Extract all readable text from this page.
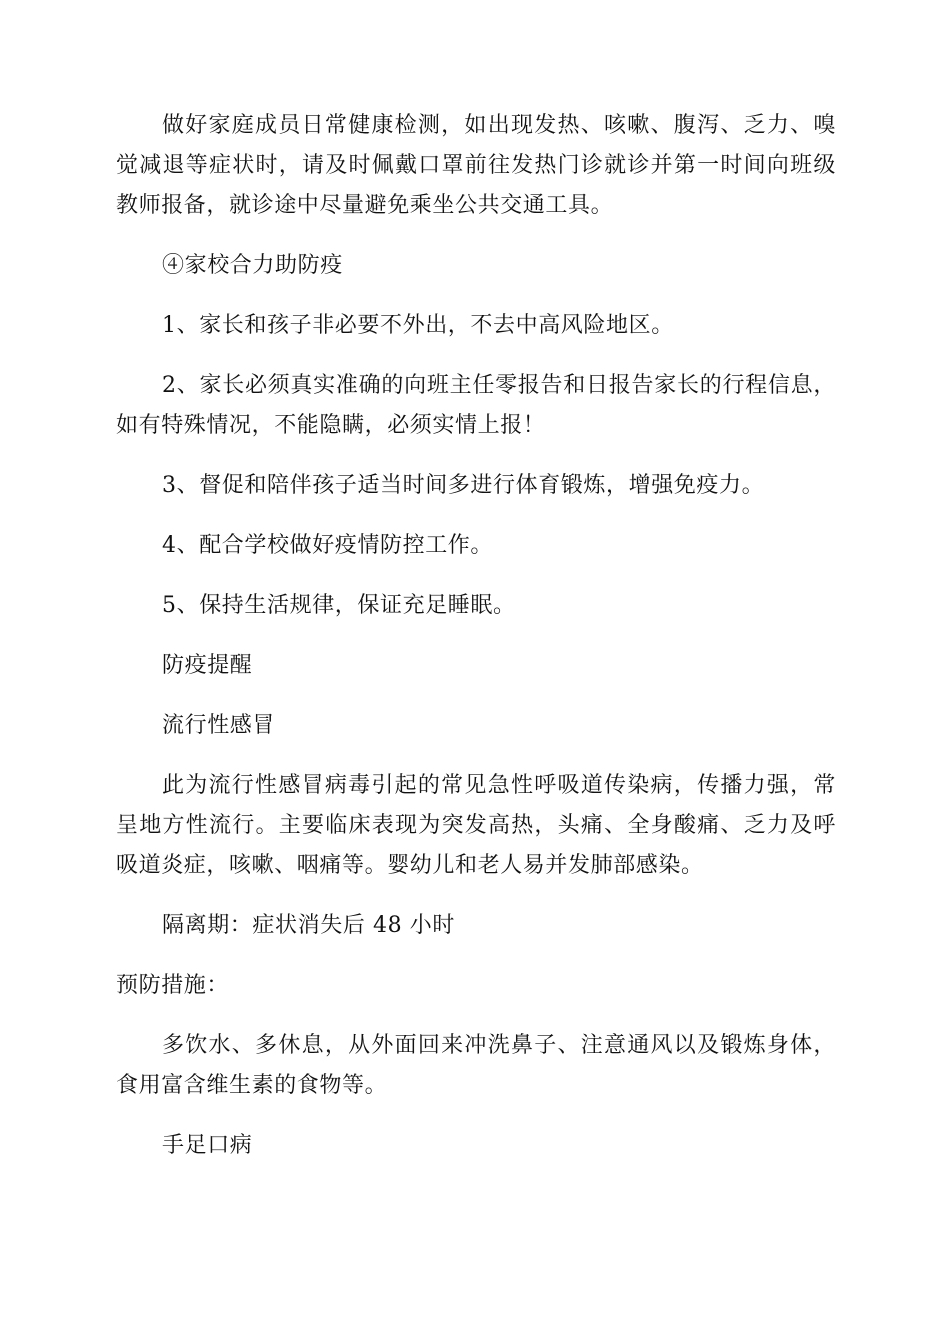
做好家庭成员日常健康检测，如出现发热、咳嗽、腹泻、乏力、嗅觉减退等症状时，请及时佩戴口罩前往发热门诊就诊并第一时间向班级教师报备，就诊途中尽量避免乘坐公共交通工具。

④家校合力助防疫

1、家长和孩子非必要不外出，不去中高风险地区。

2、家长必须真实准确的向班主任零报告和日报告家长的行程信息，如有特殊情况，不能隐瞒，必须实情上报！

3、督促和陪伴孩子适当时间多进行体育锻炼，增强免疫力。

4、配合学校做好疫情防控工作。

5、保持生活规律，保证充足睡眠。

防疫提醒

流行性感冒

此为流行性感冒病毒引起的常见急性呼吸道传染病，传播力强，常呈地方性流行。主要临床表现为突发高热，头痛、全身酸痛、乏力及呼吸道炎症，咳嗽、咽痛等。婴幼儿和老人易并发肺部感染。

隔离期：症状消失后 48 小时

预防措施：

多饮水、多休息，从外面回来冲洗鼻子、注意通风以及锻炼身体，食用富含维生素的食物等。

手足口病
